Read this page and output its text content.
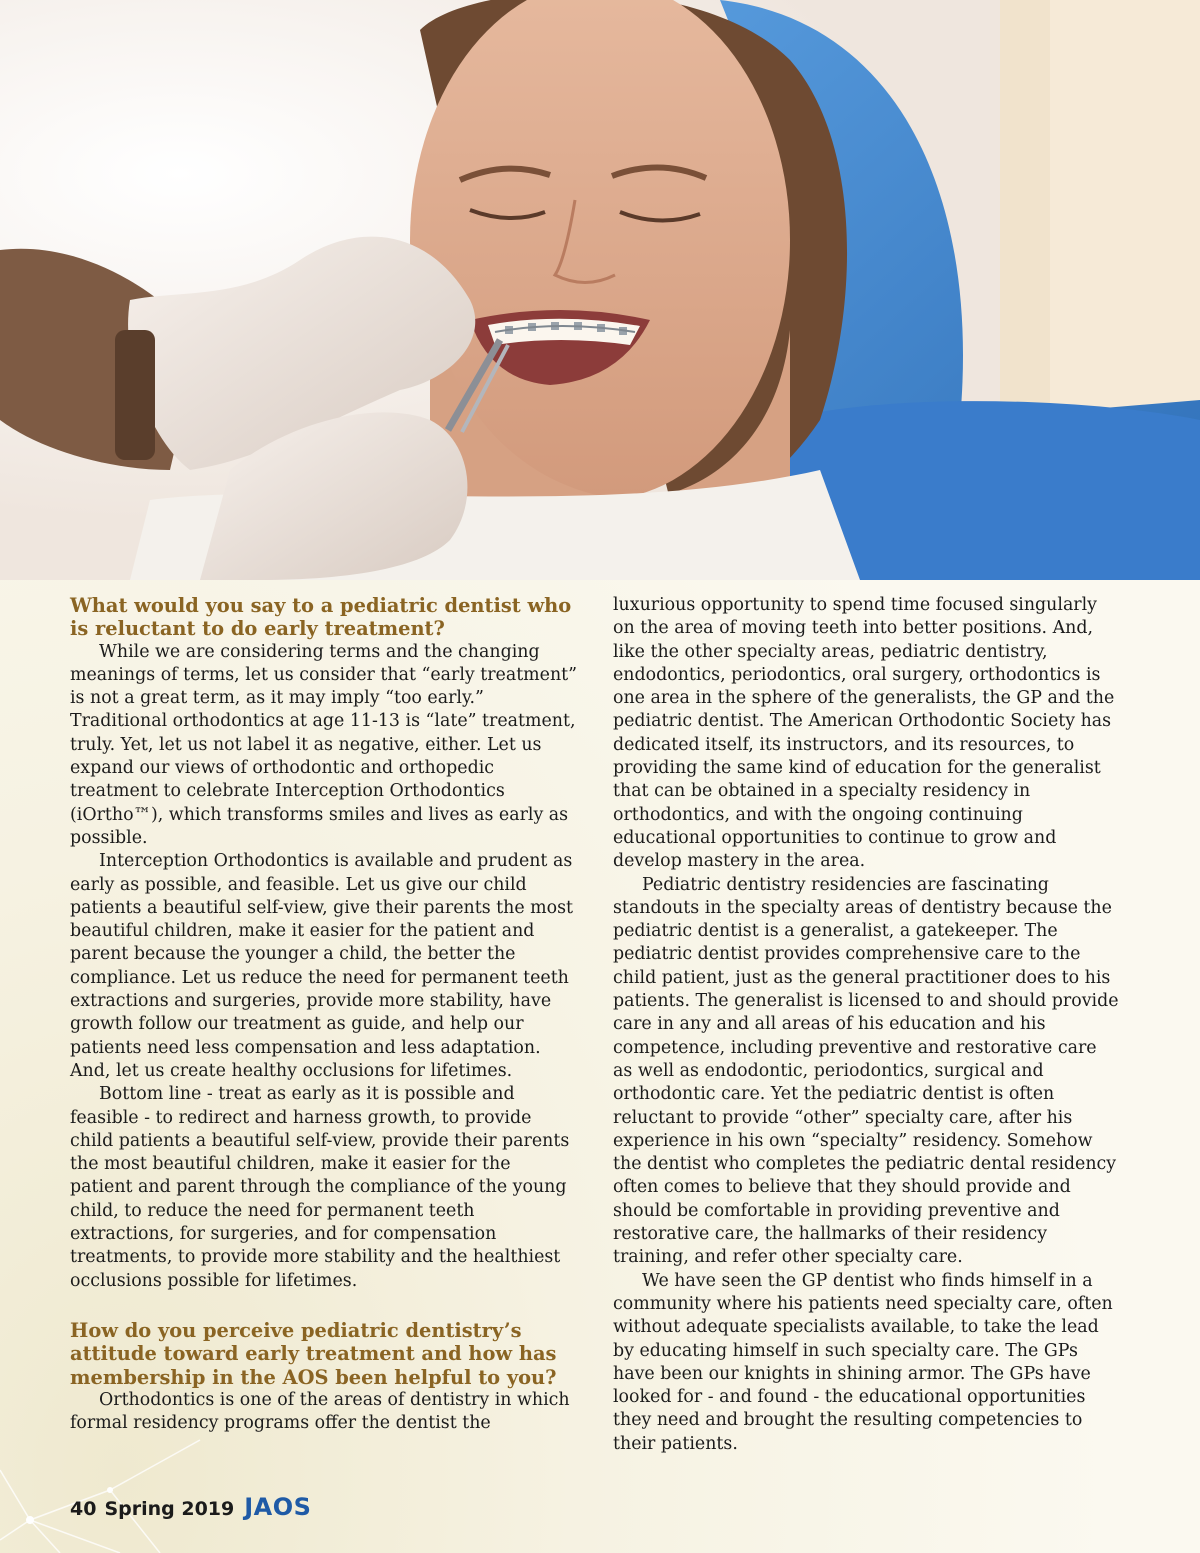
What would you say to a pediatric dentist who is reluctant to do early treatment?

While we are considering terms and the changing meanings of terms, let us consider that “early treatment” is not a great term, as it may imply “too early.” Traditional orthodontics at age 11-13 is “late” treatment, truly. Yet, let us not label it as negative, either. Let us expand our views of orthodontic and orthopedic treatment to celebrate Interception Orthodontics (iOrtho™), which transforms smiles and lives as early as possible.

Interception Orthodontics is available and prudent as early as possible, and feasible. Let us give our child patients a beautiful self-view, give their parents the most beautiful children, make it easier for the patient and parent because the younger a child, the better the compliance. Let us reduce the need for permanent teeth extractions and surgeries, provide more stability, have growth follow our treatment as guide, and help our patients need less compensation and less adaptation. And, let us create healthy occlusions for lifetimes.

Bottom line - treat as early as it is possible and feasible - to redirect and harness growth, to provide child patients a beautiful self-view, provide their parents the most beautiful children, make it easier for the patient and parent through the compliance of the young child, to reduce the need for permanent teeth extractions, for surgeries, and for compensation treatments, to provide more stability and the healthiest occlusions possible for lifetimes.

How do you perceive pediatric dentistry’s attitude toward early treatment and how has membership in the AOS been helpful to you?

Orthodontics is one of the areas of dentistry in which formal residency programs offer the dentist the

luxurious opportunity to spend time focused singularly on the area of moving teeth into better positions. And, like the other specialty areas, pediatric dentistry, endodontics, periodontics, oral surgery, orthodontics is one area in the sphere of the generalists, the GP and the pediatric dentist. The American Orthodontic Society has dedicated itself, its instructors, and its resources, to providing the same kind of education for the generalist that can be obtained in a specialty residency in orthodontics, and with the ongoing continuing educational opportunities to continue to grow and develop mastery in the area.

Pediatric dentistry residencies are fascinating standouts in the specialty areas of dentistry because the pediatric dentist is a generalist, a gatekeeper. The pediatric dentist provides comprehensive care to the child patient, just as the general practitioner does to his patients. The generalist is licensed to and should provide care in any and all areas of his education and his competence, including preventive and restorative care as well as endodontic, periodontics, surgical and orthodontic care. Yet the pediatric dentist is often reluctant to provide “other” specialty care, after his experience in his own “specialty” residency. Somehow the dentist who completes the pediatric dental residency often comes to believe that they should provide and should be comfortable in providing preventive and restorative care, the hallmarks of their residency training, and refer other specialty care.

We have seen the GP dentist who finds himself in a community where his patients need specialty care, often without adequate specialists available, to take the lead by educating himself in such specialty care. The GPs have been our knights in shining armor. The GPs have looked for - and found - the educational opportunities they need and brought the resulting competencies to their patients.

40 Spring 2019 JAOS
